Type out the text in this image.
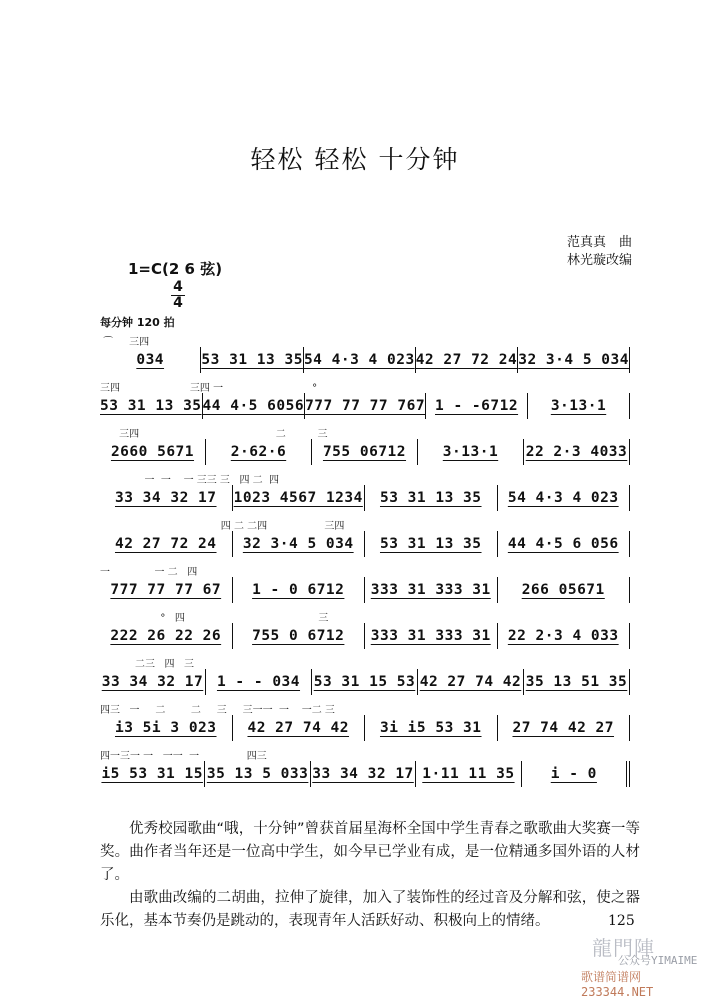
轻松 轻松 十分钟
范真真　曲
林光璇改编
1=C(2 6 弦)
4
4
每分钟 120 拍
⌒     三四
034	53 31 13 35 54 4·3 4 023 42 27 72 24 32 3·4 5 034
三四                      三四 一                            °
53 31 13 35 44 4·5 6056 777 77 77 767 1 - -6712	3·13·1
三四                                           二          三
2660 5671	2·62·6	755 06712	3·13·1	22 2·3 4033
一  一    一 三三 三   四 二  四
33 34 32 17	1023 4567 1234	53 31 13 35	54 4·3 4 023
四 二 二四                  三四
42 27 72 24	32 3·4 5 034	53 31 13 35	44 4·5 6 056
一              一 二   四
777 77 77 67	1 - 0 6712	333 31 333 31	266 05671
°   四                                          三
222 26 22 26	755 0 6712	333 31 333 31	22 2·3 4 033
二三   四   三
33 34 32 17 1 - - 034 53 31 15 53 42 27 74 42 35 13 51 35
四三   一     二        二     三     三一一  一    一二 三
i3 5i 3 023	42 27 74 42	3i i5 53 31	27 74 42 27
四一三一 一   一一  一               四三
i5 53 31 15 35 13 5 033 33 34 32 17 1·11 11 35	i - 0

优秀校园歌曲“哦，十分钟”曾获首届星海杯全国中学生青春之歌歌曲大奖赛一等奖。曲作者当年还是一位高中学生，如今早已学业有成，是一位精通多国外语的人材了。

由歌曲改编的二胡曲，拉伸了旋律，加入了装饰性的经过音及分解和弦，使之器乐化，基本节奏仍是跳动的，表现青年人活跃好动、积极向上的情绪。	125
龍門陣
公众号YIMAIME
歌谱简谱网 233344.NET
